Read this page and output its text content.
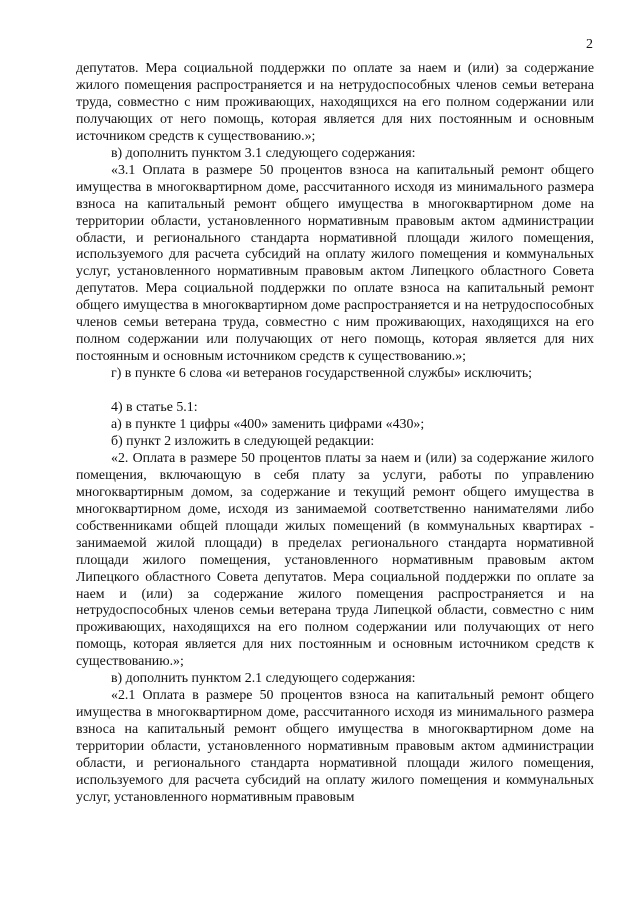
2

депутатов. Мера социальной поддержки по оплате за наем и (или) за содержание жилого помещения распространяется и на нетрудоспособных членов семьи ветерана труда, совместно с ним проживающих, находящихся на его полном содержании или получающих от него помощь, которая является для них постоянным и основным источником средств к существованию.»;

в) дополнить пунктом 3.1 следующего содержания:

«3.1 Оплата в размере 50 процентов взноса на капитальный ремонт общего имущества в многоквартирном доме, рассчитанного исходя из минимального размера взноса на капитальный ремонт общего имущества в многоквартирном доме на территории области, установленного нормативным правовым актом администрации области, и регионального стандарта нормативной площади жилого помещения, используемого для расчета субсидий на оплату жилого помещения и коммунальных услуг, установленного нормативным правовым актом Липецкого областного Совета депутатов. Мера социальной поддержки по оплате взноса на капитальный ремонт общего имущества в многоквартирном доме распространяется и на нетрудоспособных членов семьи ветерана труда, совместно с ним проживающих, находящихся на его полном содержании или получающих от него помощь, которая является для них постоянным и основным источником средств к существованию.»;

г) в пункте 6 слова «и ветеранов государственной службы» исключить;

4) в статье 5.1:

а) в пункте 1 цифры «400» заменить цифрами «430»;

б) пункт 2 изложить в следующей редакции:

«2. Оплата в размере 50 процентов платы за наем и (или) за содержание жилого помещения, включающую в себя плату за услуги, работы по управлению многоквартирным домом, за содержание и текущий ремонт общего имущества в многоквартирном доме, исходя из занимаемой соответственно нанимателями либо собственниками общей площади жилых помещений (в коммунальных квартирах - занимаемой жилой площади) в пределах регионального стандарта нормативной площади жилого помещения, установленного нормативным правовым актом Липецкого областного Совета депутатов. Мера социальной поддержки по оплате за наем и (или) за содержание жилого помещения распространяется и на нетрудоспособных членов семьи ветерана труда Липецкой области, совместно с ним проживающих, находящихся на его полном содержании или получающих от него помощь, которая является для них постоянным и основным источником средств к существованию.»;

в) дополнить пунктом 2.1 следующего содержания:

«2.1 Оплата в размере 50 процентов взноса на капитальный ремонт общего имущества в многоквартирном доме, рассчитанного исходя из минимального размера взноса на капитальный ремонт общего имущества в многоквартирном доме на территории области, установленного нормативным правовым актом администрации области, и регионального стандарта нормативной площади жилого помещения, используемого для расчета субсидий на оплату жилого помещения и коммунальных услуг, установленного нормативным правовым
